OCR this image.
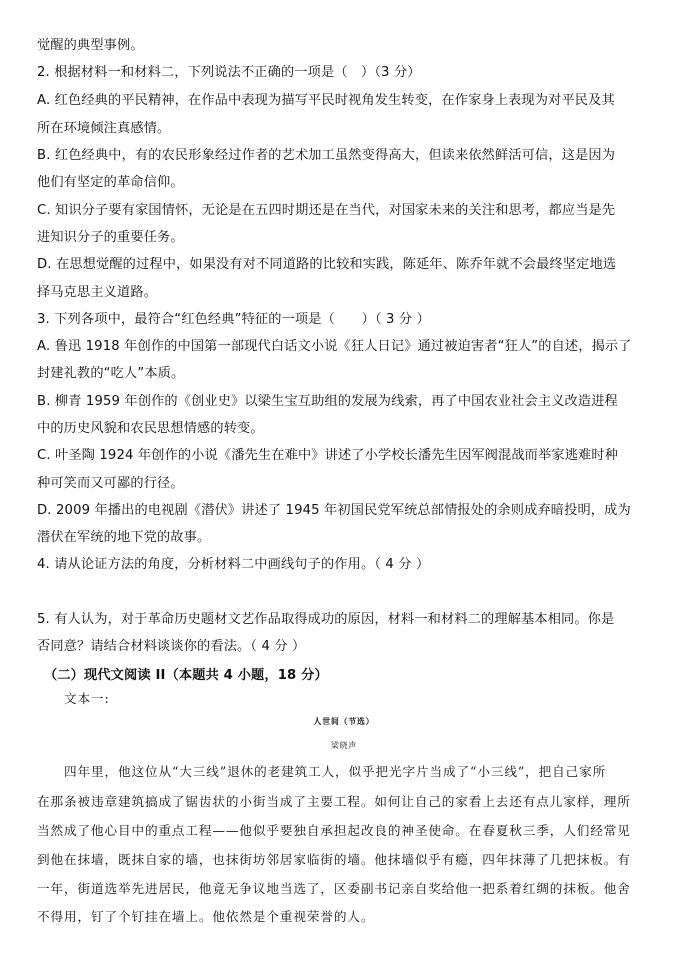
觉醒的典型事例。
2. 根据材料一和材料二，下列说法不正确的一项是（　）（3 分）
A. 红色经典的平民精神，在作品中表现为描写平民时视角发生转变，在作家身上表现为对平民及其
所在环境倾注真感情。
B. 红色经典中，有的农民形象经过作者的艺术加工虽然变得高大，但读来依然鲜活可信，这是因为
他们有坚定的革命信仰。
C. 知识分子要有家国情怀，无论是在五四时期还是在当代，对国家未来的关注和思考，都应当是先
进知识分子的重要任务。
D. 在思想觉醒的过程中，如果没有对不同道路的比较和实践，陈延年、陈乔年就不会最终坚定地选
择马克思主义道路。
3. 下列各项中，最符合“红色经典”特征的一项是（　　）（ 3 分 ）
A. 鲁迅 1918 年创作的中国第一部现代白话文小说《狂人日记》通过被迫害者“狂人”的自述，揭示了
封建礼教的“吃人”本质。
B. 柳青 1959 年创作的《创业史》以梁生宝互助组的发展为线索，再了中国农业社会主义改造进程
中的历史风貌和农民思想情感的转变。
C. 叶圣陶 1924 年创作的小说《潘先生在难中》讲述了小学校长潘先生因军阀混战而举家逃难时种
种可笑而又可鄙的行径。
D. 2009 年播出的电视剧《潜伏》讲述了 1945 年初国民党军统总部情报处的余则成弃暗投明，成为
潜伏在军统的地下党的故事。
4. 请从论证方法的角度，分析材料二中画线句子的作用。（ 4 分 ）
5. 有人认为，对于革命历史题材文艺作品取得成功的原因，材料一和材料二的理解基本相同。你是
否同意？请结合材料谈谈你的看法。（ 4 分 ）
（二）现代文阅读 II（本题共 4 小题，18 分）
文本一:
人世间（节选）
梁晓声
四年里，他这位从“大三线”退休的老建筑工人，似乎把光字片当成了“小三线”，把自己家所
在那条被违章建筑搞成了锯齿状的小街当成了主要工程。如何让自己的家看上去还有点儿家样，理所
当然成了他心目中的重点工程——他似乎要独自承担起改良的神圣使命。在春夏秋三季，人们经常见
到他在抹墙，既抹自家的墙，也抹街坊邻居家临街的墙。他抹墙似乎有瘾，四年抹薄了几把抹板。有
一年，街道选举先进居民，他竟无争议地当选了，区委副书记亲自奖给他一把系着红绸的抹板。他舍
不得用，钉了个钉挂在墙上。他依然是个重视荣誉的人。
